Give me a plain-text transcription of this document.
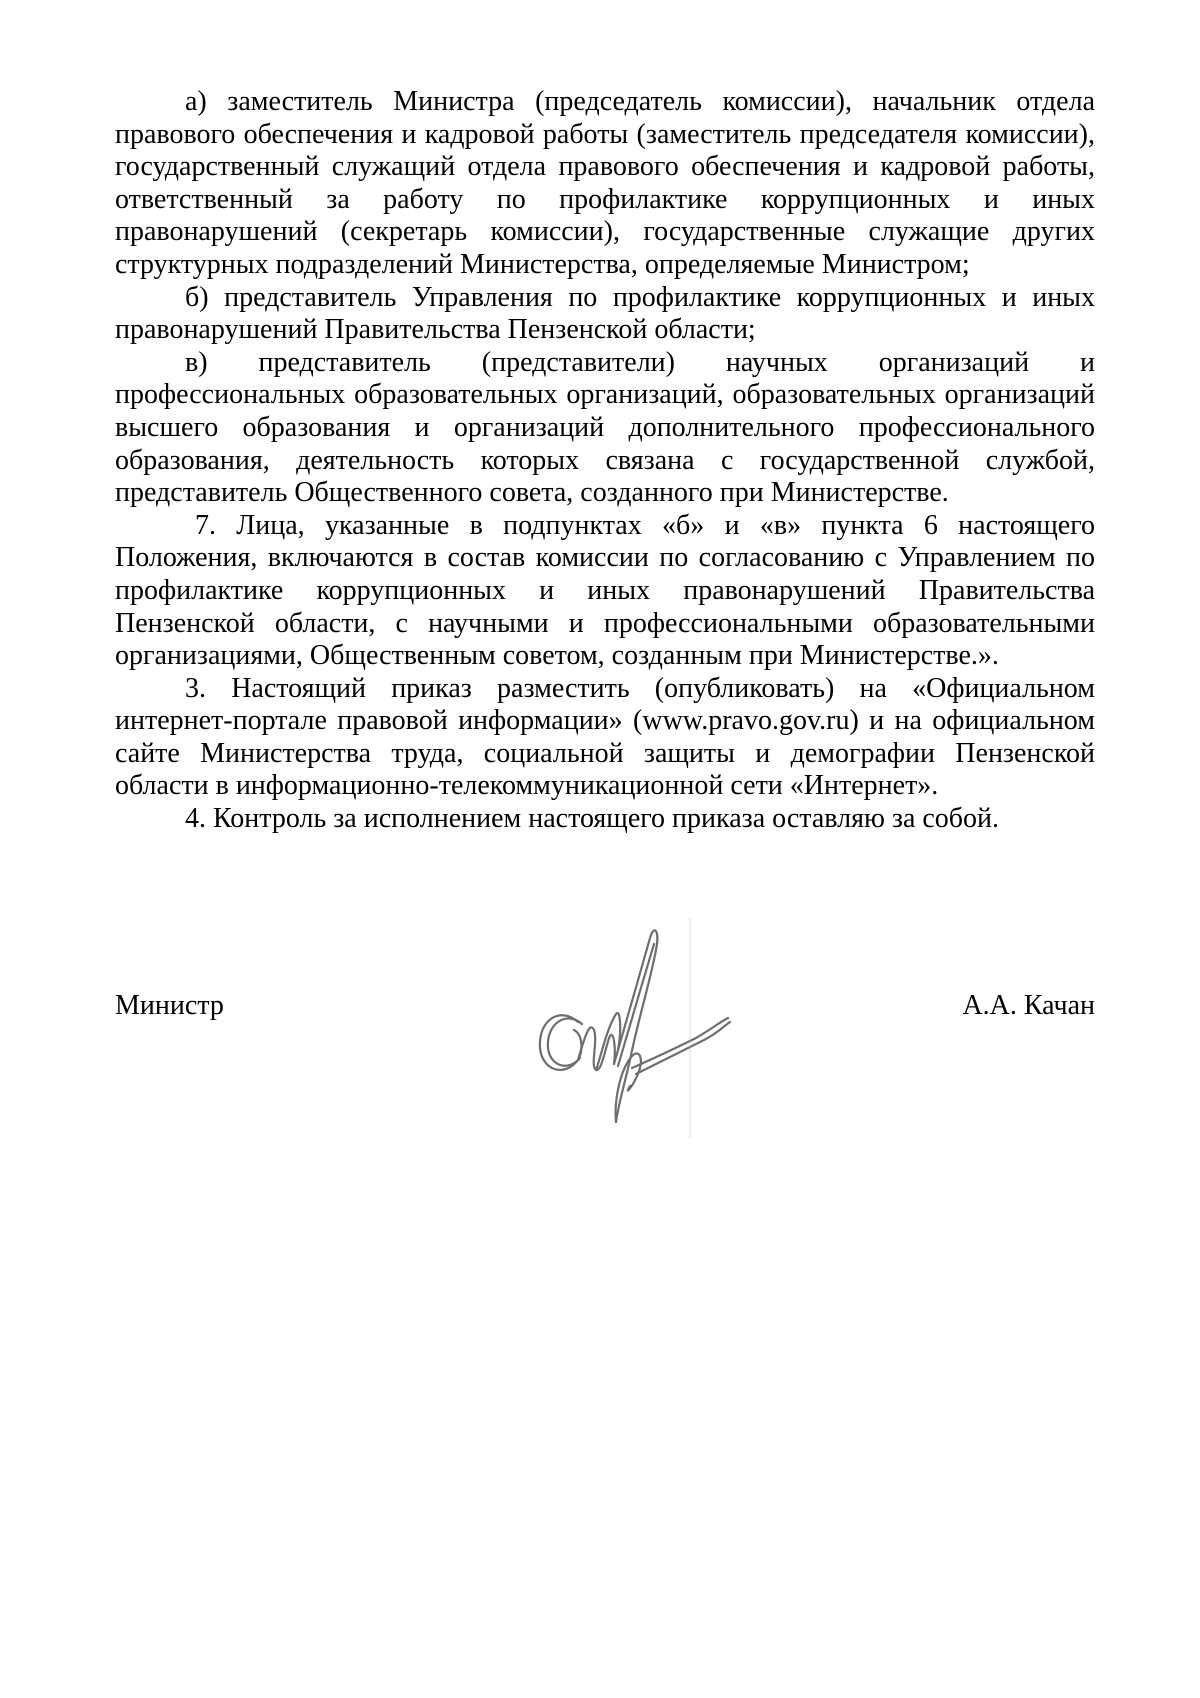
а) заместитель Министра (председатель комиссии), начальник отдела правового обеспечения и кадровой работы (заместитель председателя комиссии), государственный служащий отдела правового обеспечения и кадровой работы, ответственный за работу по профилактике коррупционных и иных правонарушений (секретарь комиссии), государственные служащие других структурных подразделений Министерства, определяемые Министром;

б) представитель Управления по профилактике коррупционных и иных правонарушений Правительства Пензенской области;

в) представитель (представители) научных организаций и профессиональных образовательных организаций, образовательных организаций высшего образования и организаций дополнительного профессионального образования, деятельность которых связана с государственной службой, представитель Общественного совета, созданного при Министерстве.

7. Лица, указанные в подпунктах «б» и «в» пункта 6 настоящего Положения, включаются в состав комиссии по согласованию с Управлением по профилактике коррупционных и иных правонарушений Правительства Пензенской области, с научными и профессиональными образовательными организациями, Общественным советом, созданным при Министерстве.».

3. Настоящий приказ разместить (опубликовать) на «Официальном интернет-портале правовой информации» (www.pravo.gov.ru) и на официальном сайте Министерства труда, социальной защиты и демографии Пензенской области в информационно-телекоммуникационной сети «Интернет».

4. Контроль за исполнением настоящего приказа оставляю за собой.

Министр	А.А. Качан
